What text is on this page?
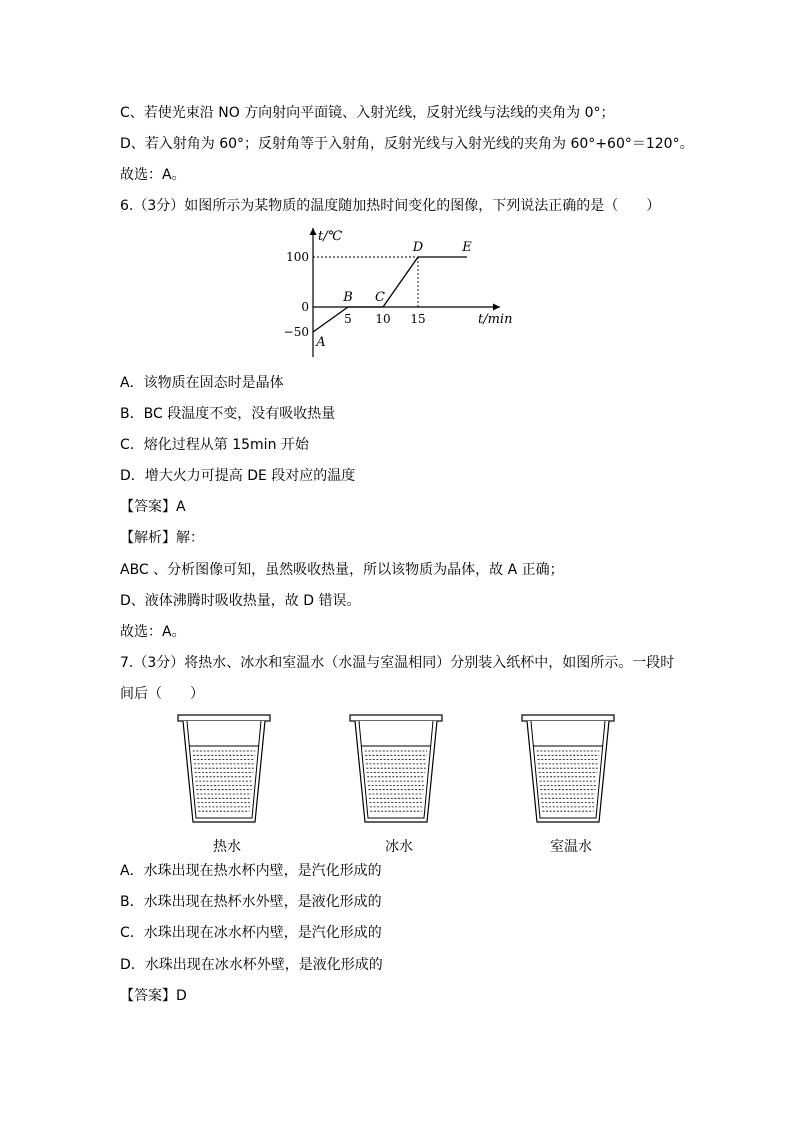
C、若使光束沿 NO 方向射向平面镜、入射光线，反射光线与法线的夹角为 0°；
D、若入射角为 60°；反射角等于入射角，反射光线与入射光线的夹角为 60°+60°＝120°。
故选：A。
6.（3分）如图所示为某物质的温度随加热时间变化的图像，下列说法正确的是（　　）
5 10 15
100
0
−50
A
B C
D	E
t/℃
t/min
A．该物质在固态时是晶体
B．BC 段温度不变，没有吸收热量
C．熔化过程从第 15min 开始
D．增大火力可提高 DE 段对应的温度
【答案】A
【解析】解：
ABC 、分析图像可知，虽然吸收热量，所以该物质为晶体，故 A 正确；
D、液体沸腾时吸收热量，故 D 错误。
故选：A。
7.（3分）将热水、冰水和室温水（水温与室温相同）分别装入纸杯中，如图所示。一段时
间后（　　）
热水	冰水	室温水
A．水珠出现在热水杯内壁，是汽化形成的
B．水珠出现在热杯水外壁，是液化形成的
C．水珠出现在冰水杯内壁，是汽化形成的
D．水珠出现在冰水杯外壁，是液化形成的
【答案】D
